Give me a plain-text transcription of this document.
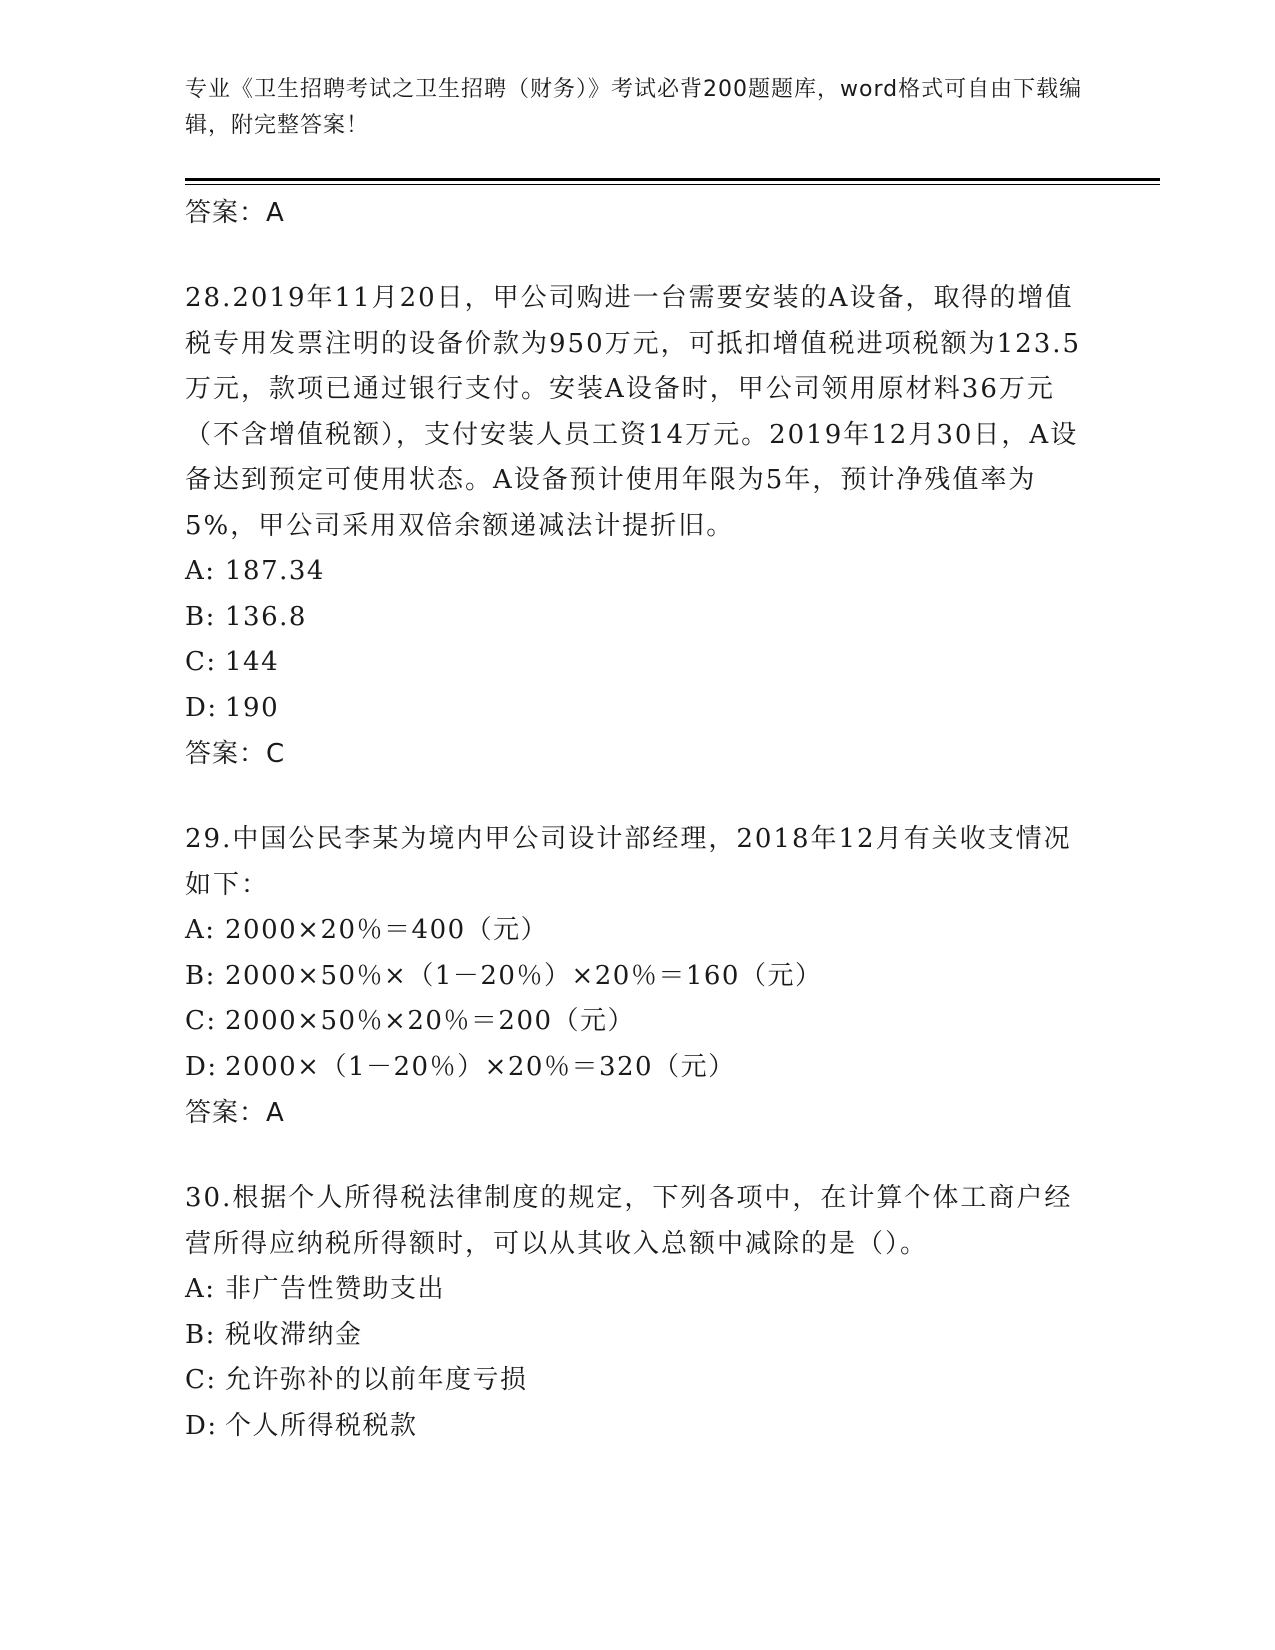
专业《卫生招聘考试之卫生招聘（财务）》考试必背200题题库，word格式可自由下载编辑，附完整答案！
答案：A

28.2019年11月20日，甲公司购进一台需要安装的A设备，取得的增值税专用发票注明的设备价款为950万元，可抵扣增值税进项税额为123.5万元，款项已通过银行支付。安装A设备时，甲公司领用原材料36万元（不含增值税额），支付安装人员工资14万元。2019年12月30日，A设备达到预定可使用状态。A设备预计使用年限为5年，预计净残值率为5%，甲公司采用双倍余额递减法计提折旧。

A: 187.34
B: 136.8
C: 144
D: 190
答案：C

29.中国公民李某为境内甲公司设计部经理，2018年12月有关收支情况如下：

A: 2000×20％＝400（元）
B: 2000×50％×（1－20％）×20％＝160（元）
C: 2000×50％×20％＝200（元）
D: 2000×（1－20％）×20％＝320（元）
答案：A

30.根据个人所得税法律制度的规定，下列各项中，在计算个体工商户经营所得应纳税所得额时，可以从其收入总额中减除的是（）。

A: 非广告性赞助支出
B: 税收滞纳金
C: 允许弥补的以前年度亏损
D: 个人所得税税款
